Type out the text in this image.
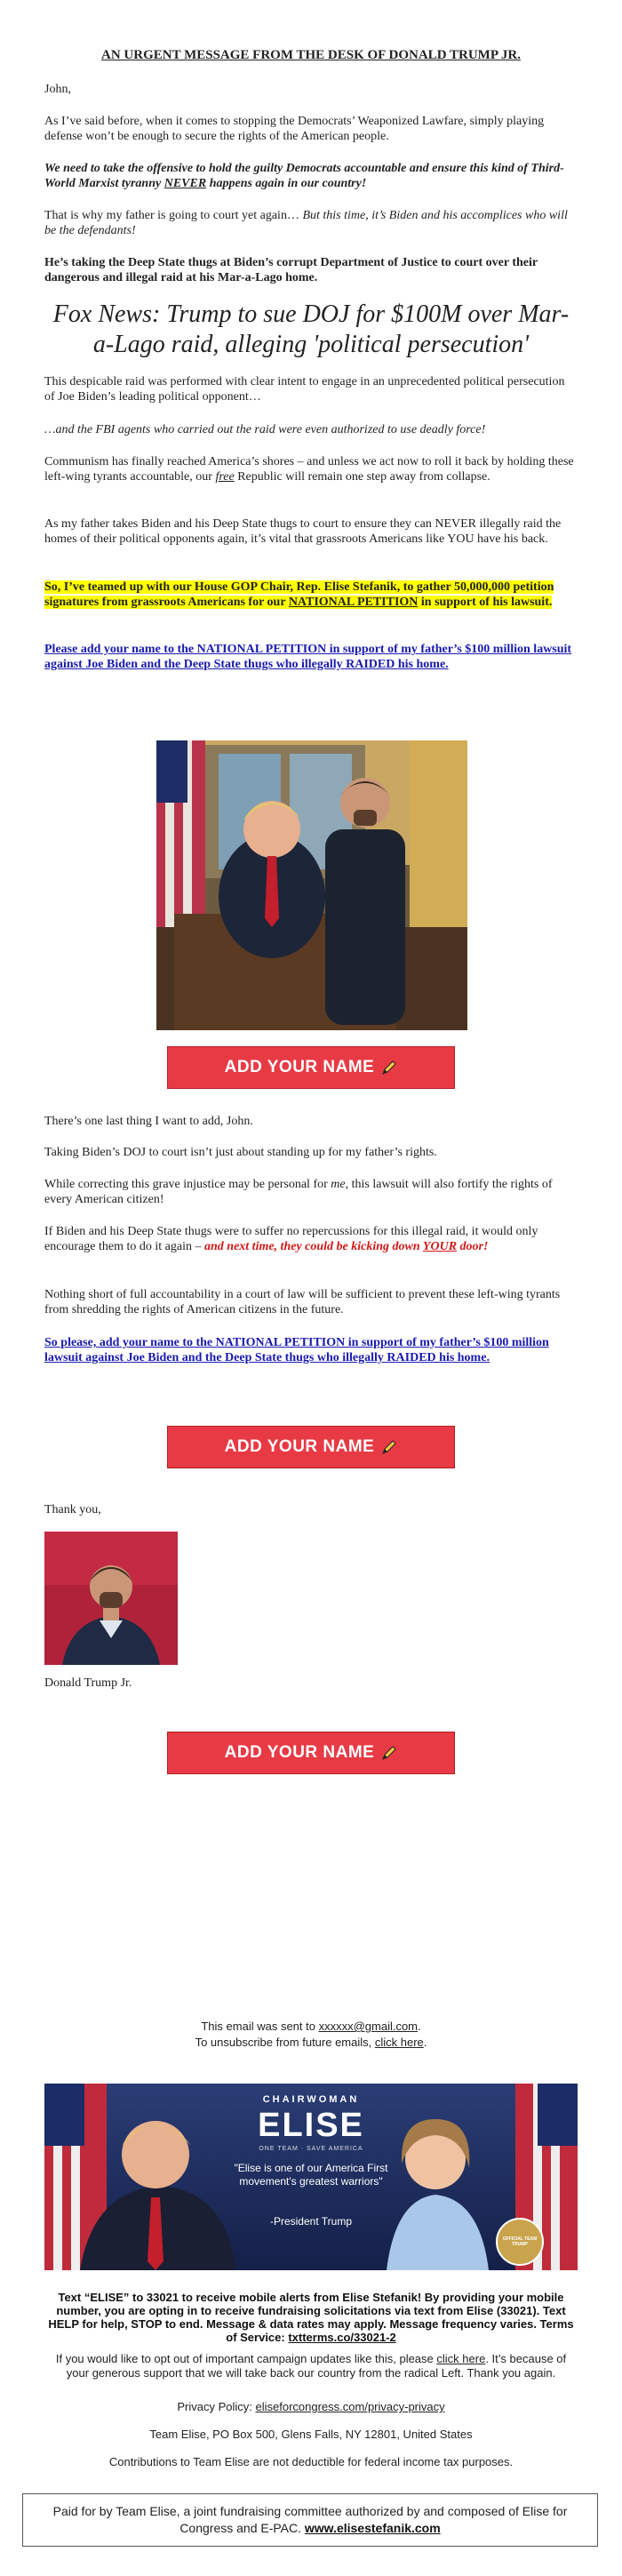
AN URGENT MESSAGE FROM THE DESK OF DONALD TRUMP JR.

John,

As I’ve said before, when it comes to stopping the Democrats’ Weaponized Lawfare, simply playing defense won’t be enough to secure the rights of the American people.

We need to take the offensive to hold the guilty Democrats accountable and ensure this kind of Third-World Marxist tyranny NEVER happens again in our country!

That is why my father is going to court yet again… But this time, it’s Biden and his accomplices who will be the defendants!

He’s taking the Deep State thugs at Biden’s corrupt Department of Justice to court over their dangerous and illegal raid at his Mar-a-Lago home.

Fox News: Trump to sue DOJ for $100M over Mar-a-Lago raid, alleging 'political persecution'

This despicable raid was performed with clear intent to engage in an unprecedented political persecution of Joe Biden’s leading political opponent…

…and the FBI agents who carried out the raid were even authorized to use deadly force!

Communism has finally reached America’s shores – and unless we act now to roll it back by holding these left-wing tyrants accountable, our free Republic will remain one step away from collapse.

As my father takes Biden and his Deep State thugs to court to ensure they can NEVER illegally raid the homes of their political opponents again, it’s vital that grassroots Americans like YOU have his back.

So, I’ve teamed up with our House GOP Chair, Rep. Elise Stefanik, to gather 50,000,000 petition signatures from grassroots Americans for our NATIONAL PETITION in support of his lawsuit.

Please add your name to the NATIONAL PETITION in support of my father’s $100 million lawsuit against Joe Biden and the Deep State thugs who illegally RAIDED his home.

ADD YOUR NAME

There’s one last thing I want to add, John.

Taking Biden’s DOJ to court isn’t just about standing up for my father’s rights.

While correcting this grave injustice may be personal for me, this lawsuit will also fortify the rights of every American citizen!

If Biden and his Deep State thugs were to suffer no repercussions for this illegal raid, it would only encourage them to do it again – and next time, they could be kicking down YOUR door!

Nothing short of full accountability in a court of law will be sufficient to prevent these left-wing tyrants from shredding the rights of American citizens in the future.

So please, add your name to the NATIONAL PETITION in support of my father’s $100 million lawsuit against Joe Biden and the Deep State thugs who illegally RAIDED his home.

ADD YOUR NAME

Thank you,

Donald Trump Jr.

ADD YOUR NAME

This email was sent to xxxxxx@gmail.com.

To unsubscribe from future emails, click here.

CHAIRWOMAN
ELISE
ONE TEAM · SAVE AMERICA
"Elise is one of our America First movement's greatest warriors"
-President Trump
OFFICIAL TEAM TRUMP

Text “ELISE” to 33021 to receive mobile alerts from Elise Stefanik! By providing your mobile number, you are opting in to receive fundraising solicitations via text from Elise (33021). Text HELP for help, STOP to end. Message & data rates may apply. Message frequency varies. Terms of Service: txtterms.co/33021-2

If you would like to opt out of important campaign updates like this, please click here. It’s because of your generous support that we will take back our country from the radical Left. Thank you again.

Privacy Policy: eliseforcongress.com/privacy-privacy

Team Elise, PO Box 500, Glens Falls, NY 12801, United States

Contributions to Team Elise are not deductible for federal income tax purposes.

Paid for by Team Elise, a joint fundraising committee authorized by and composed of Elise for Congress and E-PAC. www.elisestefanik.com
